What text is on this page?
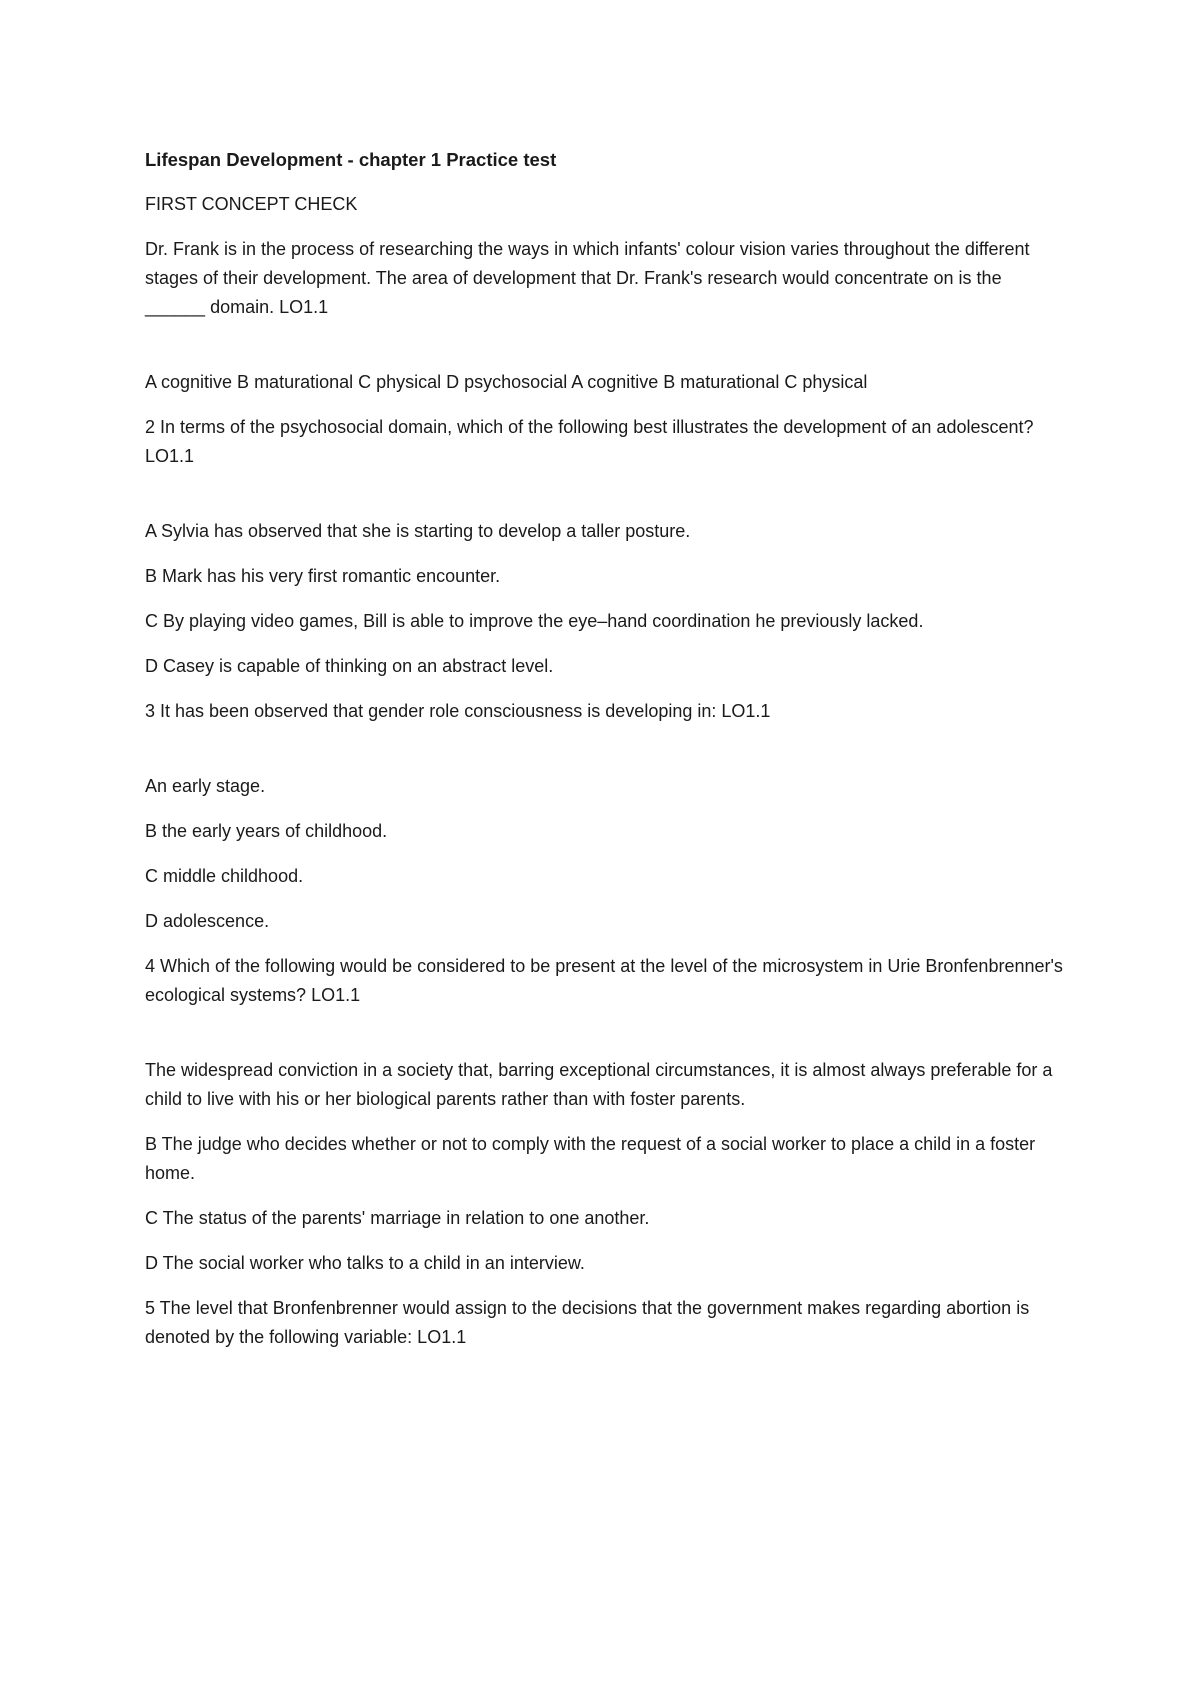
Lifespan Development - chapter 1 Practice test

FIRST CONCEPT CHECK

Dr. Frank is in the process of researching the ways in which infants' colour vision varies throughout the different stages of their development. The area of development that Dr. Frank's research would concentrate on is the ______ domain. LO1.1

A cognitive B maturational C physical D psychosocial A cognitive B maturational C physical

2 In terms of the psychosocial domain, which of the following best illustrates the development of an adolescent? LO1.1

A Sylvia has observed that she is starting to develop a taller posture.

B Mark has his very first romantic encounter.

C By playing video games, Bill is able to improve the eye–hand coordination he previously lacked.

D Casey is capable of thinking on an abstract level.

3 It has been observed that gender role consciousness is developing in: LO1.1

An early stage.

B the early years of childhood.

C middle childhood.

D adolescence.

4 Which of the following would be considered to be present at the level of the microsystem in Urie Bronfenbrenner's ecological systems? LO1.1

The widespread conviction in a society that, barring exceptional circumstances, it is almost always preferable for a child to live with his or her biological parents rather than with foster parents.

B The judge who decides whether or not to comply with the request of a social worker to place a child in a foster home.

C The status of the parents' marriage in relation to one another.

D The social worker who talks to a child in an interview.

5 The level that Bronfenbrenner would assign to the decisions that the government makes regarding abortion is denoted by the following variable: LO1.1
